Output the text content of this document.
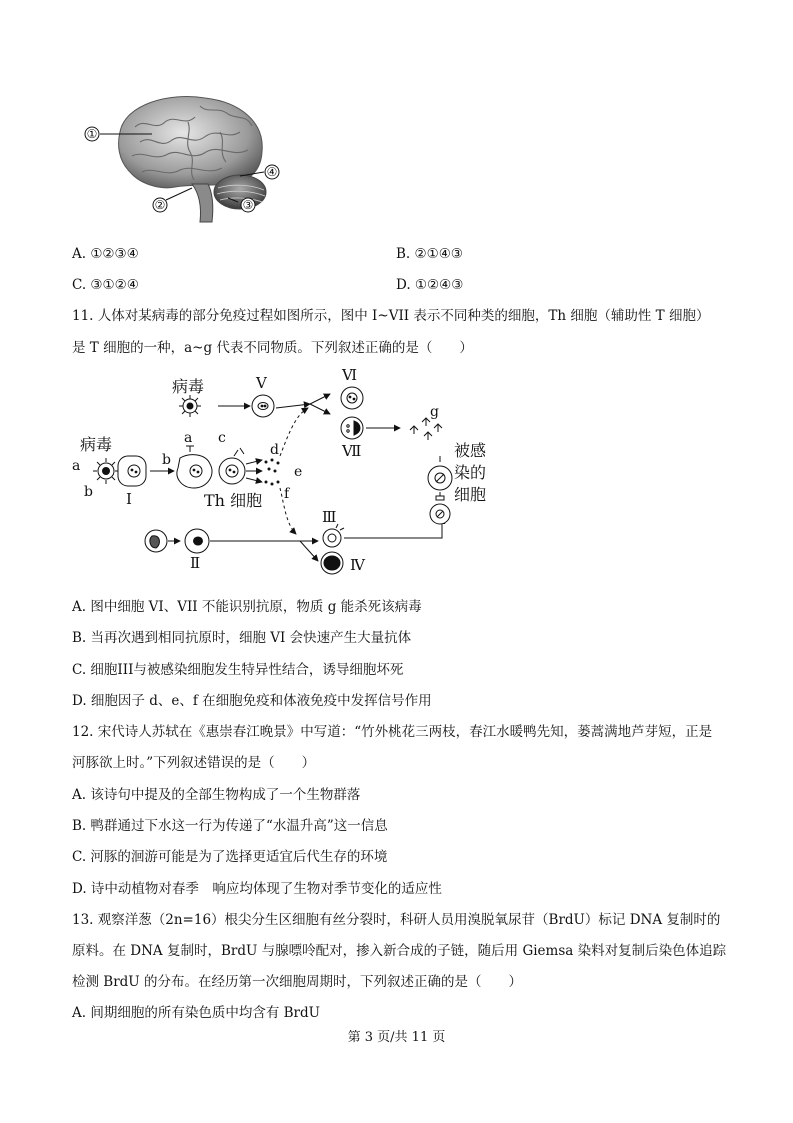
①
②	③
④
A. ①②③④	B. ②①④③
C. ③①②④	D. ①②④③
11. 人体对某病毒的部分免疫过程如图所示，图中 I~VII 表示不同种类的细胞，Th 细胞（辅助性 T 细胞）
是 T 细胞的一种，a~g 代表不同物质。下列叙述正确的是（　　）
病毒
病毒
Th 细胞
被感
染的
细胞
V	Ⅵ
Ⅶ
I
Ⅱ
Ⅲ
Ⅳ
a
b
a
b
c
d
e
f
g
A. 图中细胞 VI、VII 不能识别抗原，物质 g 能杀死该病毒
B. 当再次遇到相同抗原时，细胞 VI 会快速产生大量抗体
C. 细胞III与被感染细胞发生特异性结合，诱导细胞坏死
D. 细胞因子 d、e、f 在细胞免疫和体液免疫中发挥信号作用
12. 宋代诗人苏轼在《惠崇春江晚景》中写道：“竹外桃花三两枝，春江水暖鸭先知，蒌蒿满地芦芽短，正是
河豚欲上时。”下列叙述错误的是（　　）
A. 该诗句中提及的全部生物构成了一个生物群落
B. 鸭群通过下水这一行为传递了“水温升高”这一信息
C. 河豚的洄游可能是为了选择更适宜后代生存的环境
D. 诗中动植物对春季　响应均体现了生物对季节变化的适应性
13. 观察洋葱（2n=16）根尖分生区细胞有丝分裂时，科研人员用溴脱氧尿苷（BrdU）标记 DNA 复制时的
原料。在 DNA 复制时，BrdU 与腺嘌呤配对，掺入新合成的子链，随后用 Giemsa 染料对复制后染色体追踪
检测 BrdU 的分布。在经历第一次细胞周期时，下列叙述正确的是（　　）
A. 间期细胞的所有染色质中均含有 BrdU
第 3 页/共 11 页
